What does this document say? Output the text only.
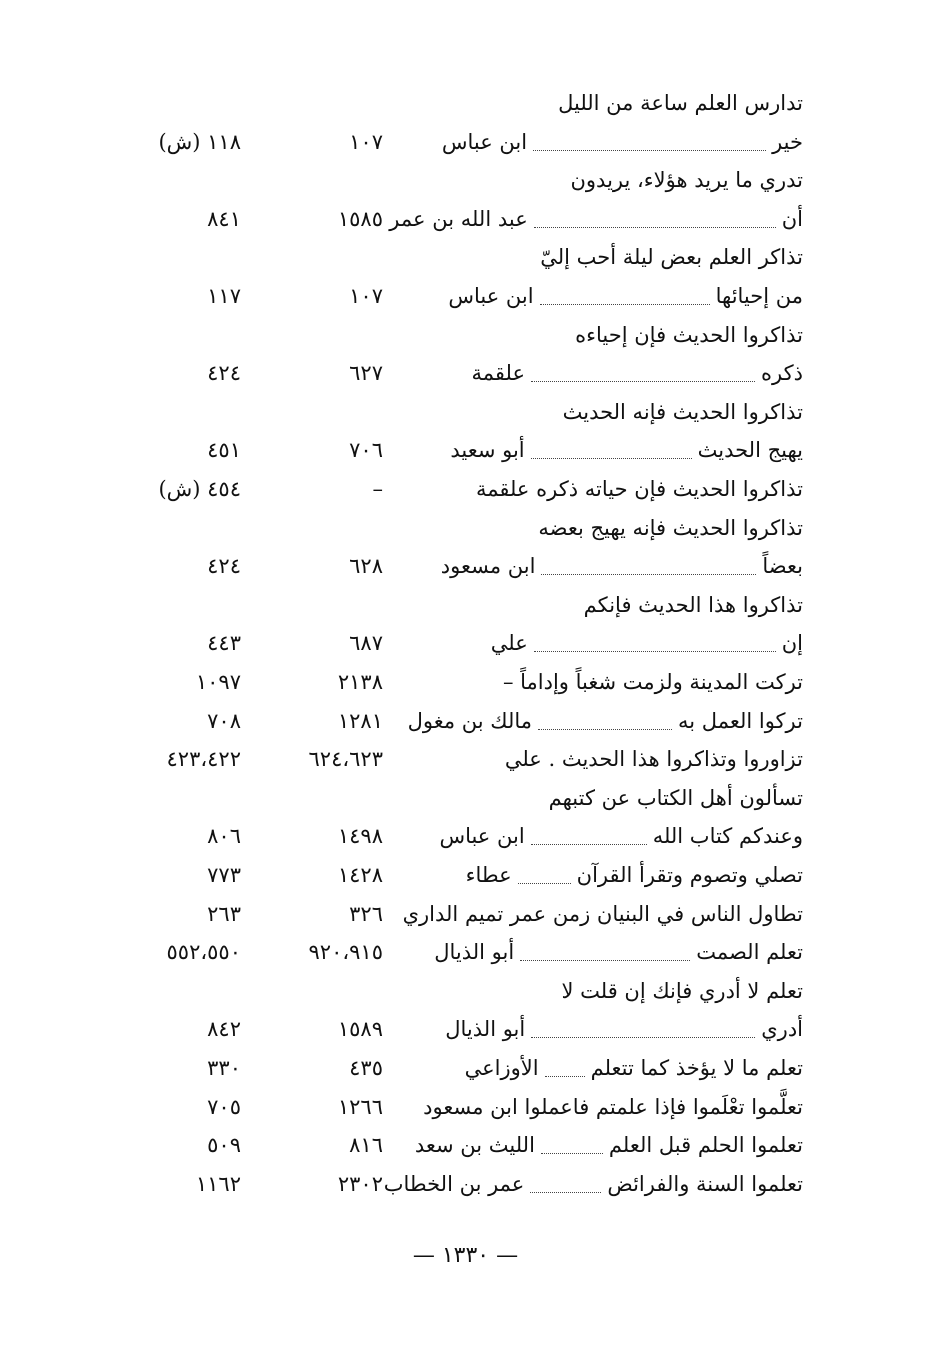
تدارس العلم ساعة من الليل
خيرابن عباس
١٠٧
١١٨ (ش)
تدري ما يريد هؤلاء، يريدون
أنعبد الله بن عمر
١٥٨٥
٨٤١
تذاكر العلم بعض ليلة أحب إليّ
من إحيائهاابن عباس
١٠٧
١١٧
تذاكروا الحديث فإن إحياءه
ذكرهعلقمة
٦٢٧
٤٢٤
تذاكروا الحديث فإنه الحديث
يهيج الحديثأبو سعيد
٧٠٦
٤٥١
تذاكروا الحديث فإن حياته ذكره علقمة
–
٤٥٤ (ش)
تذاكروا الحديث فإنه يهيج بعضه
بعضاًابن مسعود
٦٢٨
٤٢٤
تذاكروا هذا الحديث فإنكم
إنعلي
٦٨٧
٤٤٣
تركت المدينة ولزمت شغباً وإداماً –
٢١٣٨
١٠٩٧
تركوا العمل بهمالك بن مغول
١٢٨١
٧٠٨
تزاوروا وتذاكروا هذا الحديث . علي
٦٢٤،٦٢٣
٤٢٣،٤٢٢
تسألون أهل الكتاب عن كتبهم
وعندكم كتاب اللهابن عباس
١٤٩٨
٨٠٦
تصلي وتصوم وتقرأ القرآنعطاء
١٤٢٨
٧٧٣
تطاول الناس في البنيان زمن عمر تميم الداري
٣٢٦
٢٦٣
تعلم الصمتأبو الذيال
٩٢٠،٩١٥
٥٥٢،٥٥٠
تعلم لا أدري فإنك إن قلت لا
أدريأبو الذيال
١٥٨٩
٨٤٢
تعلم ما لا يؤخذ كما تتعلمالأوزاعي
٤٣٥
٣٣٠
تعلَّموا تعْلَموا فإذا علمتم فاعملوا ابن مسعود
١٢٦٦
٧٠٥
تعلموا الحلم قبل العلمالليث بن سعد
٨١٦
٥٠٩
تعلموا السنة والفرائضعمر بن الخطاب
٢٣٠٢
١١٦٢
— ١٣٣٠ —
